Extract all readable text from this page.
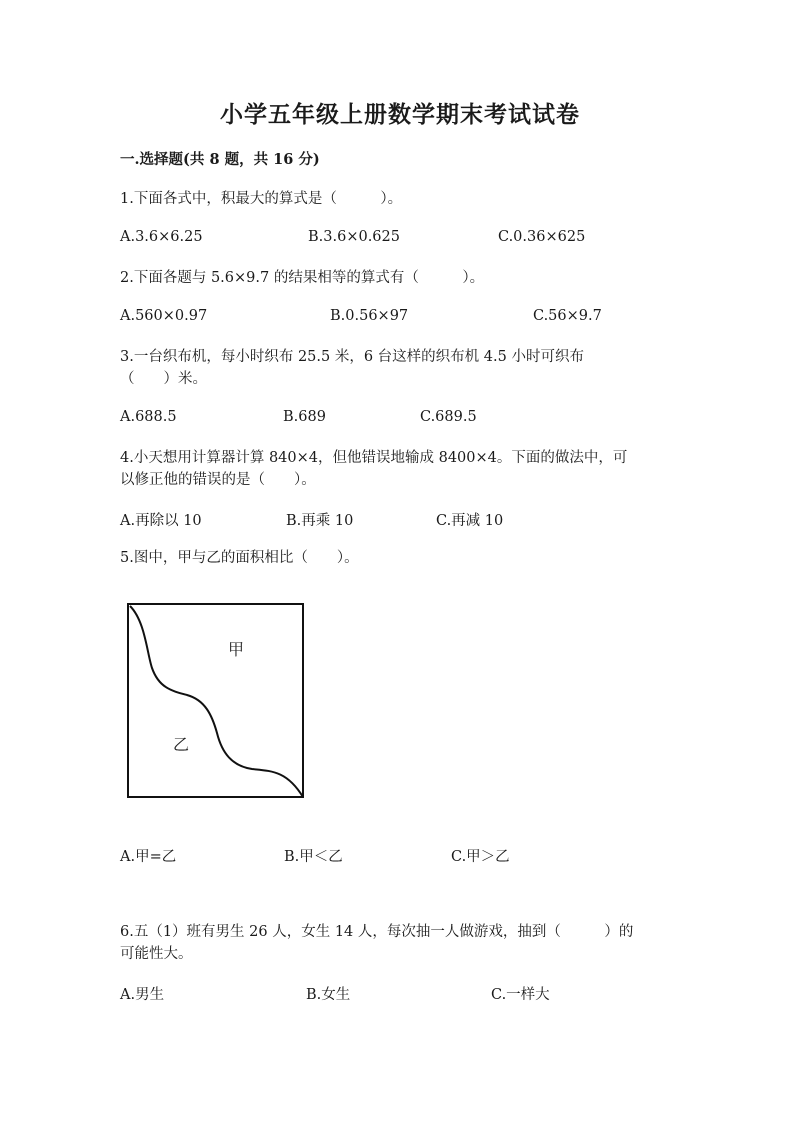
小学五年级上册数学期末考试试卷
一.选择题(共 8 题，共 16 分)
1.下面各式中，积最大的算式是（　　　）。
A.3.6×6.25	B.3.6×0.625	C.0.36×625
2.下面各题与 5.6×9.7 的结果相等的算式有（　　　）。
A.560×0.97	B.0.56×97	C.56×9.7
3.一台织布机，每小时织布 25.5 米，6 台这样的织布机 4.5 小时可织布
（　　）米。
A.688.5	B.689	C.689.5
4.小天想用计算器计算 840×4，但他错误地输成 8400×4。下面的做法中，可
以修正他的错误的是（　　）。
A.再除以 10	B.再乘 10	C.再减 10
5.图中，甲与乙的面积相比（　　）。
甲
乙
A.甲=乙	B.甲＜乙	C.甲＞乙
6.五（1）班有男生 26 人，女生 14 人，每次抽一人做游戏，抽到（　　　）的
可能性大。
A.男生	B.女生	C.一样大
